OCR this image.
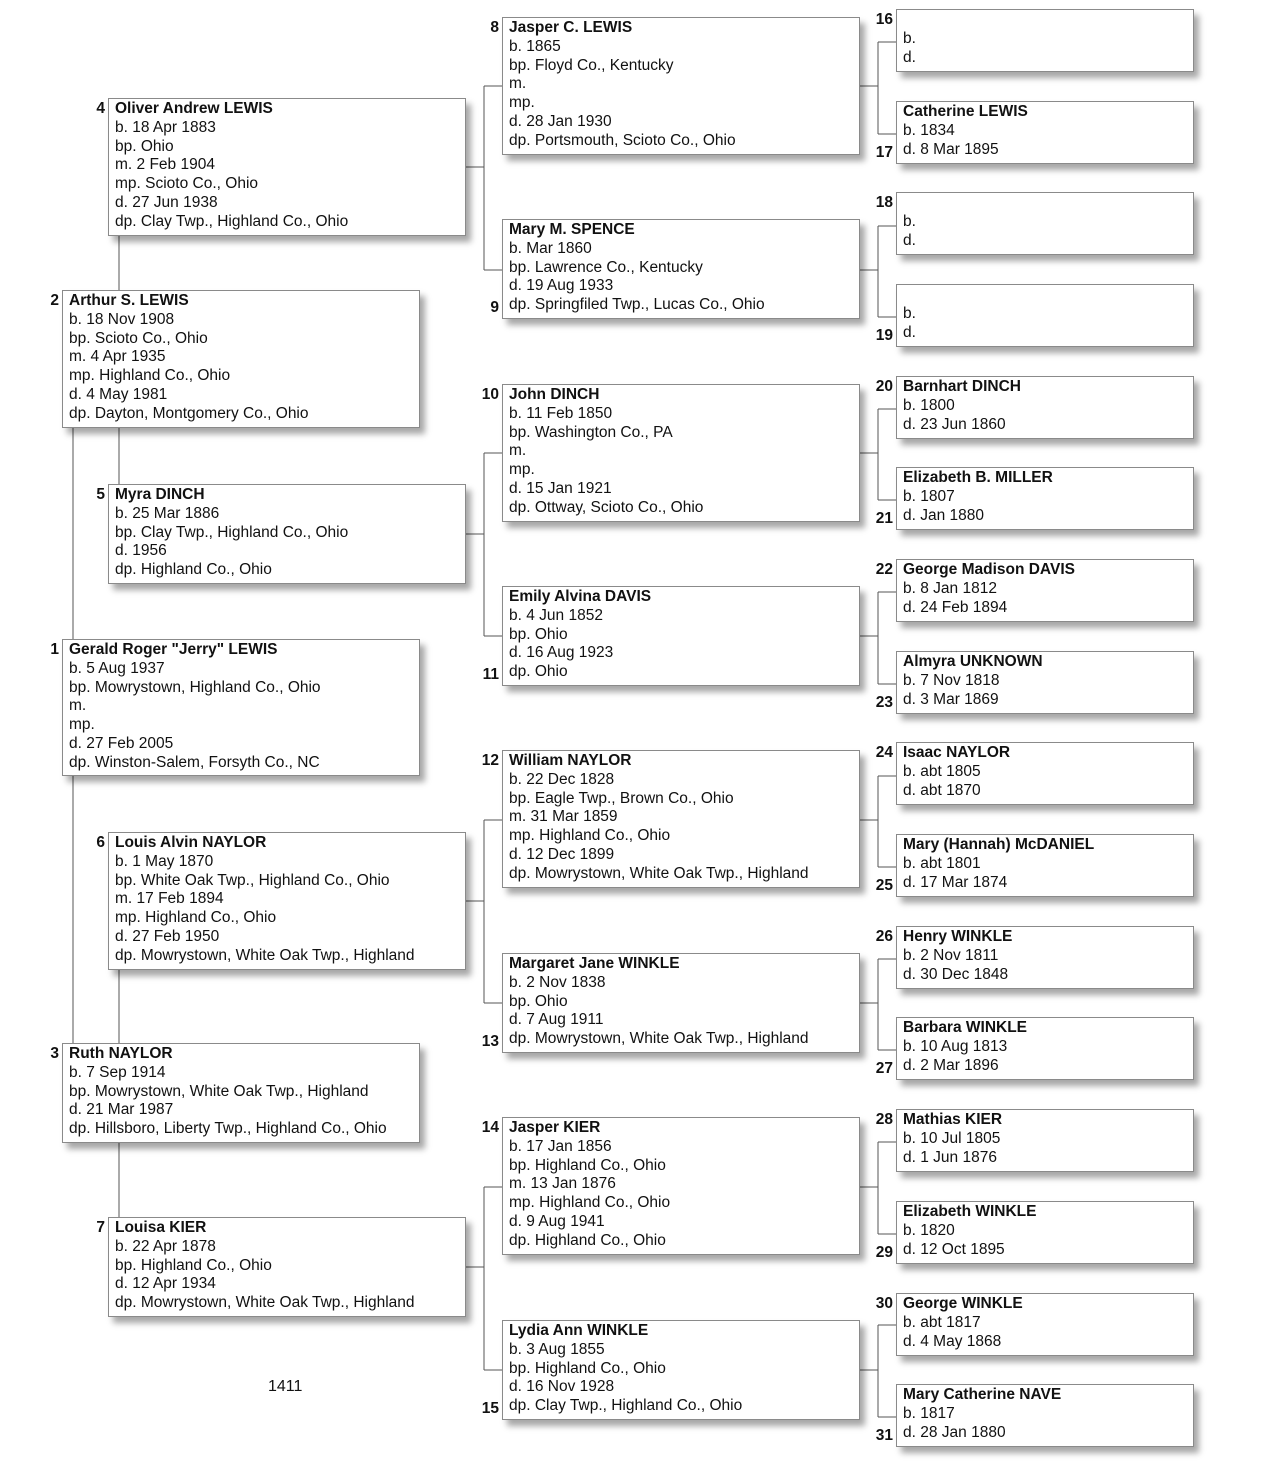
Gerald Roger "Jerry" LEWIS
b. 5 Aug 1937
bp. Mowrystown, Highland Co., Ohio
m.
mp.
d. 27 Feb 2005
dp. Winston-Salem, Forsyth Co., NC
1
Arthur S. LEWIS
b. 18 Nov 1908
bp. Scioto Co., Ohio
m. 4 Apr 1935
mp. Highland Co., Ohio
d. 4 May 1981
dp. Dayton, Montgomery Co., Ohio
2
Ruth NAYLOR
b. 7 Sep 1914
bp. Mowrystown, White Oak Twp., Highland
d. 21 Mar 1987
dp. Hillsboro, Liberty Twp., Highland Co., Ohio
3
Oliver Andrew LEWIS
b. 18 Apr 1883
bp. Ohio
m. 2 Feb 1904
mp. Scioto Co., Ohio
d. 27 Jun 1938
dp. Clay Twp., Highland Co., Ohio
4
Myra DINCH
b. 25 Mar 1886
bp. Clay Twp., Highland Co., Ohio
d. 1956
dp. Highland Co., Ohio
5
Louis Alvin NAYLOR
b. 1 May 1870
bp. White Oak Twp., Highland Co., Ohio
m. 17 Feb 1894
mp. Highland Co., Ohio
d. 27 Feb 1950
dp. Mowrystown, White Oak Twp., Highland
6
Louisa KIER
b. 22 Apr 1878
bp. Highland Co., Ohio
d. 12 Apr 1934
dp. Mowrystown, White Oak Twp., Highland
7
Jasper C. LEWIS
b. 1865
bp. Floyd Co., Kentucky
m.
mp.
d. 28 Jan 1930
dp. Portsmouth, Scioto Co., Ohio
8
Mary M. SPENCE
b. Mar 1860
bp. Lawrence Co., Kentucky
d. 19 Aug 1933
dp. Springfiled Twp., Lucas Co., Ohio
9
John DINCH
b. 11 Feb 1850
bp. Washington Co., PA
m.
mp.
d. 15 Jan 1921
dp. Ottway, Scioto Co., Ohio
10
Emily Alvina DAVIS
b. 4 Jun 1852
bp. Ohio
d. 16 Aug 1923
dp. Ohio
11
William NAYLOR
b. 22 Dec 1828
bp. Eagle Twp., Brown Co., Ohio
m. 31 Mar 1859
mp. Highland Co., Ohio
d. 12 Dec 1899
dp. Mowrystown, White Oak Twp., Highland
12
Margaret Jane WINKLE
b. 2 Nov 1838
bp. Ohio
d. 7 Aug 1911
dp. Mowrystown, White Oak Twp., Highland
13
Jasper KIER
b. 17 Jan 1856
bp. Highland Co., Ohio
m. 13 Jan 1876
mp. Highland Co., Ohio
d. 9 Aug 1941
dp. Highland Co., Ohio
14
Lydia Ann WINKLE
b. 3 Aug 1855
bp. Highland Co., Ohio
d. 16 Nov 1928
dp. Clay Twp., Highland Co., Ohio
15
b.
d.
16
Catherine LEWIS
b. 1834
d. 8 Mar 1895
17
b.
d.
18
b.
d.
19
Barnhart DINCH
b. 1800
d. 23 Jun 1860
20
Elizabeth B. MILLER
b. 1807
d. Jan 1880
21
George Madison DAVIS
b. 8 Jan 1812
d. 24 Feb 1894
22
Almyra UNKNOWN
b. 7 Nov 1818
d. 3 Mar 1869
23
Isaac NAYLOR
b. abt 1805
d. abt 1870
24
Mary (Hannah) McDANIEL
b. abt 1801
d. 17 Mar 1874
25
Henry WINKLE
b. 2 Nov 1811
d. 30 Dec 1848
26
Barbara WINKLE
b. 10 Aug 1813
d. 2 Mar 1896
27
Mathias KIER
b. 10 Jul 1805
d. 1 Jun 1876
28
Elizabeth WINKLE
b. 1820
d. 12 Oct 1895
29
George WINKLE
b. abt 1817
d. 4 May 1868
30
Mary Catherine NAVE
b. 1817
d. 28 Jan 1880
31
1411
